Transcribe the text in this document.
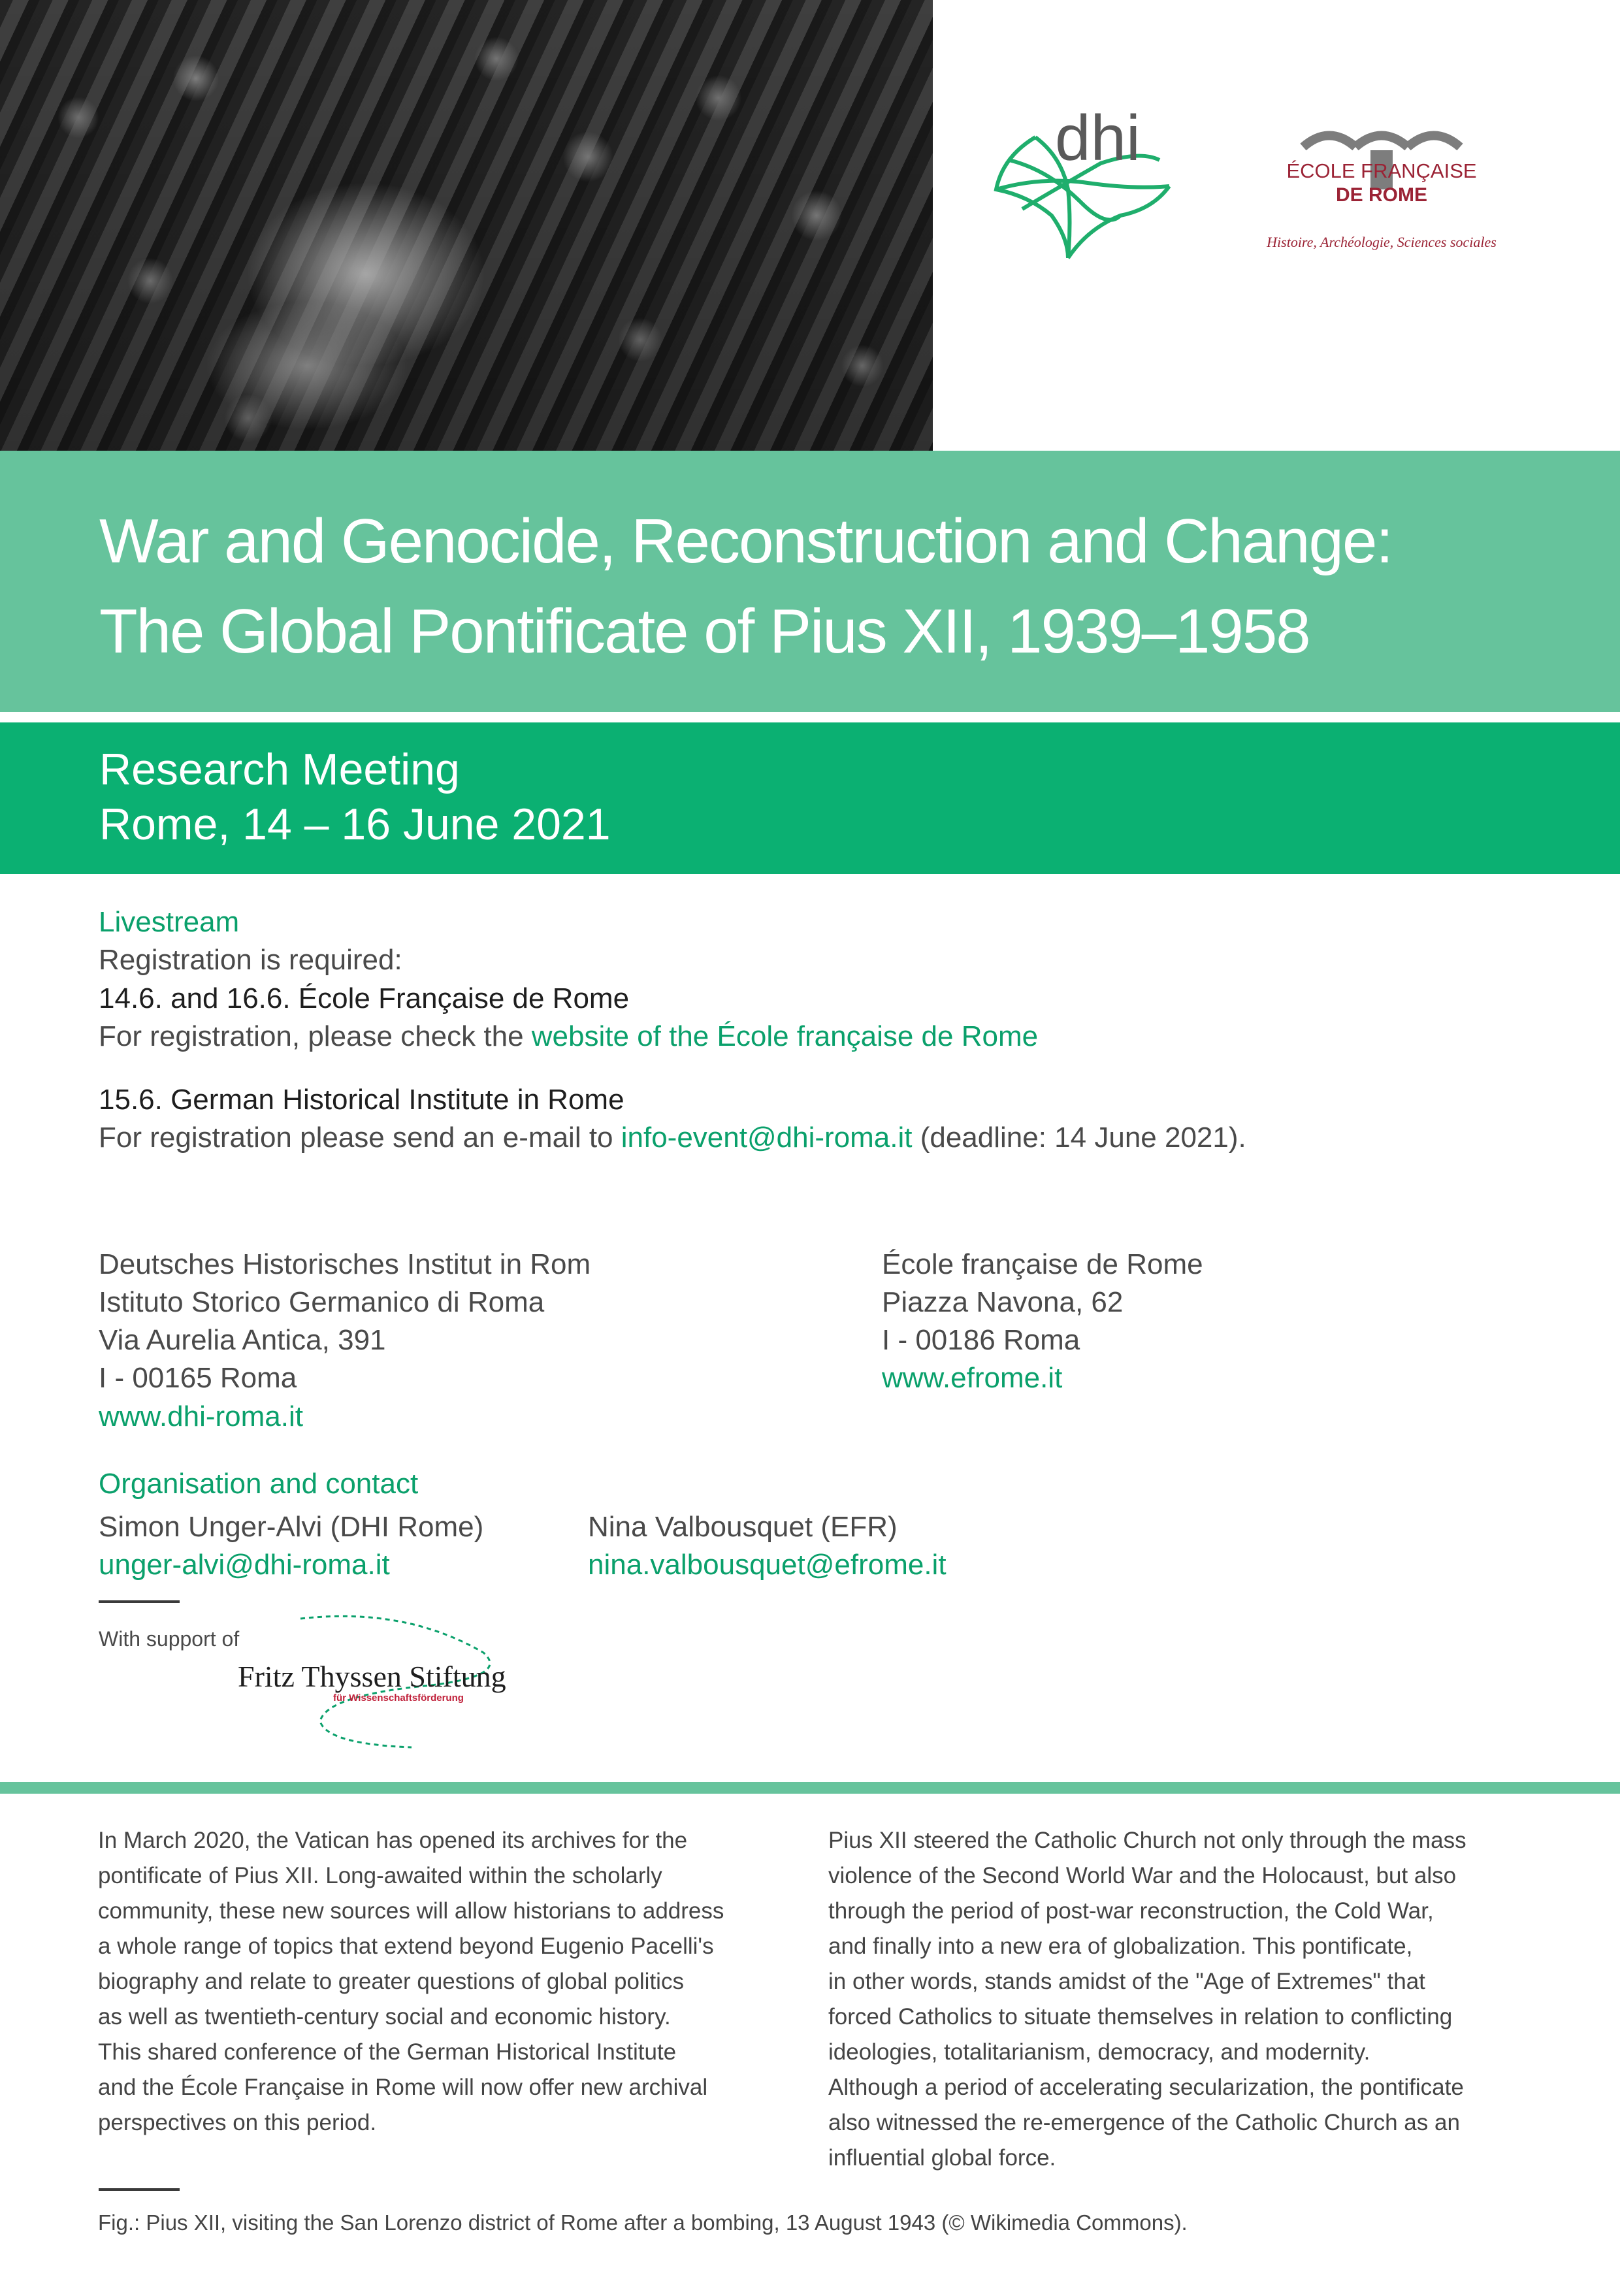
dhi	ÉCOLE FRANÇAISE
DE ROME
Histoire, Archéologie, Sciences sociales
War and Genocide, Reconstruction and Change:
The Global Pontificate of Pius XII, 1939–1958
Research Meeting
Rome, 14 – 16 June 2021
Livestream
Registration is required:
14.6. and 16.6. École Française de Rome
For registration, please check the website of the École française de Rome
15.6. German Historical Institute in Rome
For registration please send an e-mail to info-event@dhi-roma.it (deadline: 14 June 2021).
Deutsches Historisches Institut in Rom
Istituto Storico Germanico di Roma
Via Aurelia Antica, 391
I - 00165 Roma
www.dhi-roma.it
École française de Rome
Piazza Navona, 62
I - 00186 Roma
www.efrome.it
Organisation and contact
Simon Unger-Alvi (DHI Rome)
unger-alvi@dhi-roma.it
Nina Valbousquet (EFR)
nina.valbousquet@efrome.it
With support of
Fritz Thyssen Stiftung
für Wissenschaftsförderung

In March 2020, the Vatican has opened its archives for the

pontificate of Pius XII. Long-awaited within the scholarly

community, these new sources will allow historians to address

a whole range of topics that extend beyond Eugenio Pacelli's

biography and relate to greater questions of global politics

as well as twentieth-century social and economic history.

This shared conference of the German Historical Institute

and the École Française in Rome will now offer new archival

perspectives on this period.

Pius XII steered the Catholic Church not only through the mass

violence of the Second World War and the Holocaust, but also

through the period of post-war reconstruction, the Cold War,

and finally into a new era of globalization. This pontificate,

in other words, stands amidst of the "Age of Extremes" that

forced Catholics to situate themselves in relation to conflicting

ideologies, totalitarianism, democracy, and modernity.

Although a period of accelerating secularization, the pontificate

also witnessed the re-emergence of the Catholic Church as an

influential global force.

Fig.: Pius XII, visiting the San Lorenzo district of Rome after a bombing, 13 August 1943 (© Wikimedia Commons).
